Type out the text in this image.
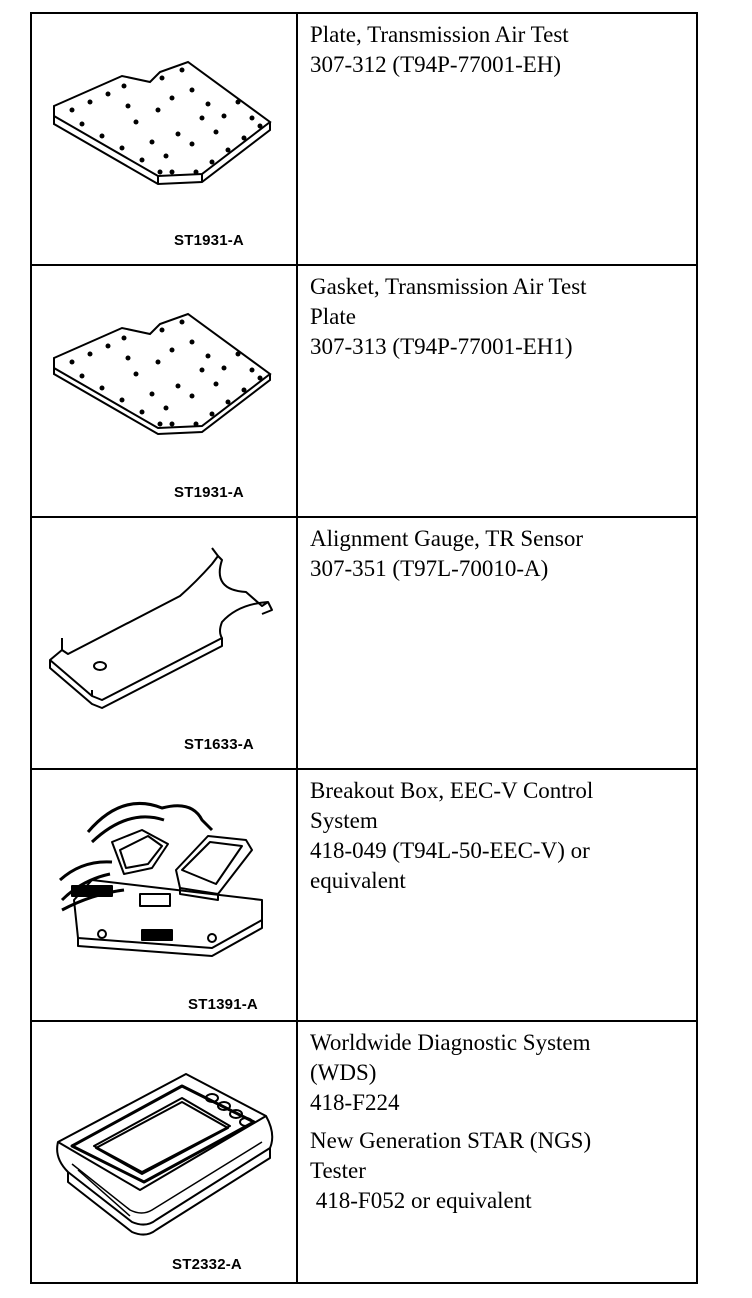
ST1931-A
Plate, Transmission Air Test
307-312 (T94P-77001-EH)
ST1931-A
Gasket, Transmission Air Test
Plate
307-313 (T94P-77001-EH1)
ST1633-A
Alignment Gauge, TR Sensor
307-351 (T97L-70010-A)
ST1391-A
Breakout Box, EEC-V Control
System
418-049 (T94L-50-EEC-V) or
equivalent
ST2332-A
Worldwide Diagnostic System
(WDS)
418-F224
New Generation STAR (NGS)
Tester
418-F052 or equivalent
